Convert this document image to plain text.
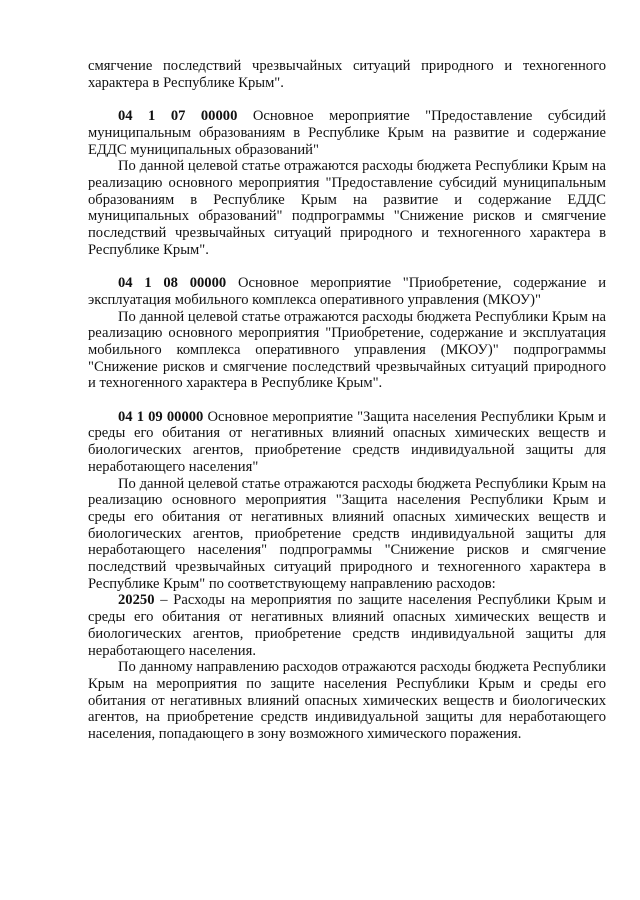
смягчение последствий чрезвычайных ситуаций природного и техногенного характера в Республике Крым".

04 1 07 00000 Основное мероприятие "Предоставление субсидий муниципальным образованиям в Республике Крым на развитие и содержание ЕДДС муниципальных образований"

По данной целевой статье отражаются расходы бюджета Республики Крым на реализацию основного мероприятия "Предоставление субсидий муниципальным образованиям в Республике Крым на развитие и содержание ЕДДС муниципальных образований" подпрограммы "Снижение рисков и смягчение последствий чрезвычайных ситуаций природного и техногенного характера в Республике Крым".

04 1 08 00000 Основное мероприятие "Приобретение, содержание и эксплуатация мобильного комплекса оперативного управления (МКОУ)"

По данной целевой статье отражаются расходы бюджета Республики Крым на реализацию основного мероприятия "Приобретение, содержание и эксплуатация мобильного комплекса оперативного управления (МКОУ)" подпрограммы "Снижение рисков и смягчение последствий чрезвычайных ситуаций природного и техногенного характера в Республике Крым".

04 1 09 00000 Основное мероприятие "Защита населения Республики Крым и среды его обитания от негативных влияний опасных химических веществ и биологических агентов, приобретение средств индивидуальной защиты для неработающего населения"

По данной целевой статье отражаются расходы бюджета Республики Крым на реализацию основного мероприятия "Защита населения Республики Крым и среды его обитания от негативных влияний опасных химических веществ и биологических агентов, приобретение средств индивидуальной защиты для неработающего населения" подпрограммы "Снижение рисков и смягчение последствий чрезвычайных ситуаций природного и техногенного характера в Республике Крым" по соответствующему направлению расходов:

20250 – Расходы на мероприятия по защите населения Республики Крым и среды его обитания от негативных влияний опасных химических веществ и биологических агентов, приобретение средств индивидуальной защиты для неработающего населения.

По данному направлению расходов отражаются расходы бюджета Республики Крым на мероприятия по защите населения Республики Крым и среды его обитания от негативных влияний опасных химических веществ и биологических агентов, на приобретение средств индивидуальной защиты для неработающего населения, попадающего в зону возможного химического поражения.
